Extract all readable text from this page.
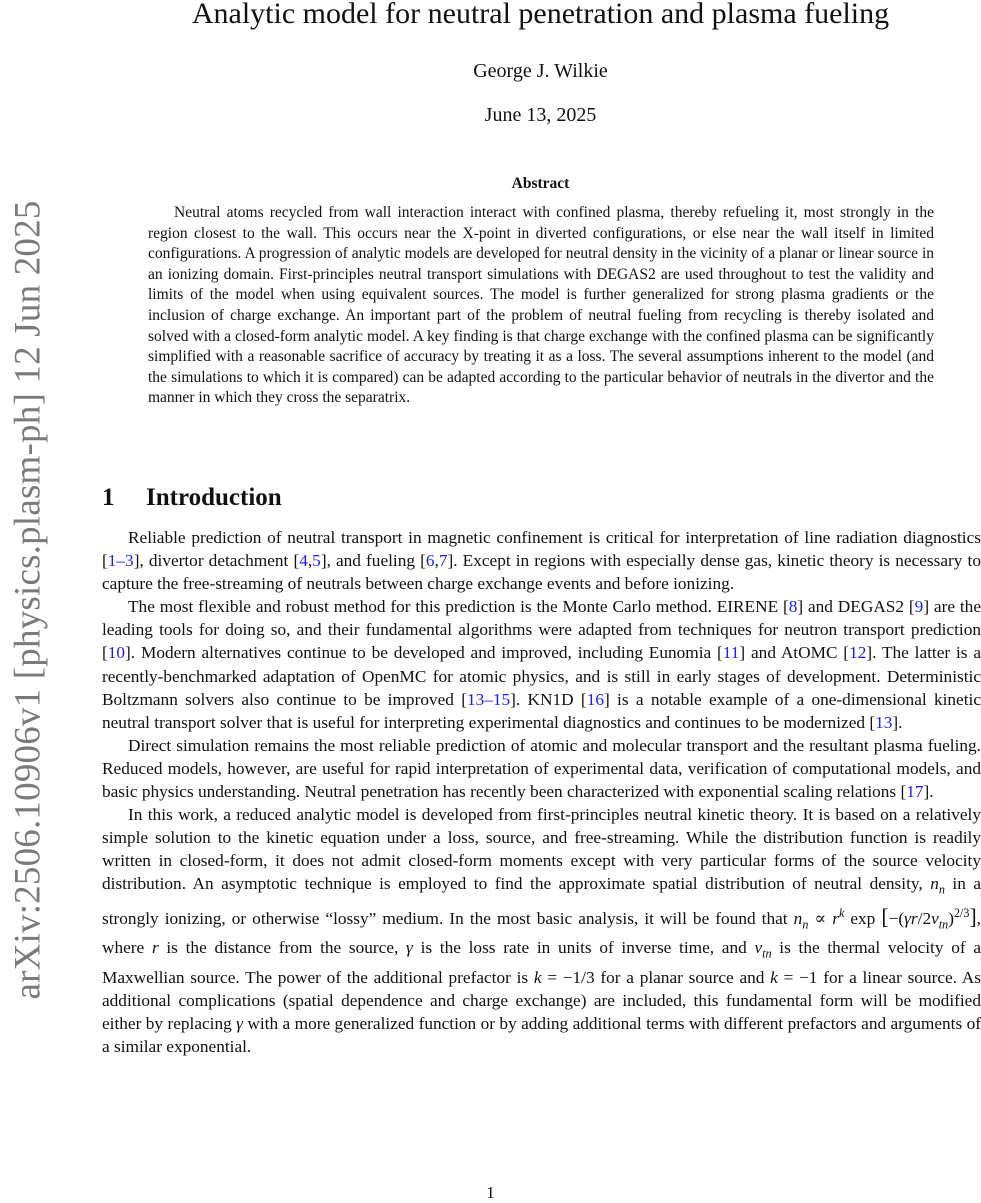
arXiv:2506.10906v1 [physics.plasm-ph] 12 Jun 2025
Analytic model for neutral penetration and plasma fueling
George J. Wilkie
June 13, 2025
Abstract

Neutral atoms recycled from wall interaction interact with confined plasma, thereby refueling it, most strongly in the region closest to the wall. This occurs near the X-point in diverted configurations, or else near the wall itself in limited configurations. A progression of analytic models are developed for neutral density in the vicinity of a planar or linear source in an ionizing domain. First-principles neutral transport simulations with DEGAS2 are used throughout to test the validity and limits of the model when using equivalent sources. The model is further generalized for strong plasma gradients or the inclusion of charge exchange. An important part of the problem of neutral fueling from recycling is thereby isolated and solved with a closed-form analytic model. A key finding is that charge exchange with the confined plasma can be significantly simplified with a reasonable sacrifice of accuracy by treating it as a loss. The several assumptions inherent to the model (and the simulations to which it is compared) can be adapted according to the particular behavior of neutrals in the divertor and the manner in which they cross the separatrix.

1 Introduction

Reliable prediction of neutral transport in magnetic confinement is critical for interpretation of line radiation diagnostics [1–3], divertor detachment [4,5], and fueling [6,7]. Except in regions with especially dense gas, kinetic theory is necessary to capture the free-streaming of neutrals between charge exchange events and before ionizing.

The most flexible and robust method for this prediction is the Monte Carlo method. EIRENE [8] and DEGAS2 [9] are the leading tools for doing so, and their fundamental algorithms were adapted from techniques for neutron transport prediction [10]. Modern alternatives continue to be developed and improved, including Eunomia [11] and AtOMC [12]. The latter is a recently-benchmarked adaptation of OpenMC for atomic physics, and is still in early stages of development. Deterministic Boltzmann solvers also continue to be improved [13–15]. KN1D [16] is a notable example of a one-dimensional kinetic neutral transport solver that is useful for interpreting experimental diagnostics and continues to be modernized [13].

Direct simulation remains the most reliable prediction of atomic and molecular transport and the resultant plasma fueling. Reduced models, however, are useful for rapid interpretation of experimental data, verification of computational models, and basic physics understanding. Neutral penetration has recently been characterized with exponential scaling relations [17].

In this work, a reduced analytic model is developed from first-principles neutral kinetic theory. It is based on a relatively simple solution to the kinetic equation under a loss, source, and free-streaming. While the distribution function is readily written in closed-form, it does not admit closed-form moments except with very particular forms of the source velocity distribution. An asymptotic technique is employed to find the approximate spatial distribution of neutral density, $n_n$ in a strongly ionizing, or otherwise “lossy” medium. In the most basic analysis, it will be found that $n_n \propto r^k$ $\exp [-(\gamma r/2v_{tn})^{2/3}]$, where r is the distance from the source, γ is the loss rate in units of inverse time, and $v_{tn}$ is the thermal velocity of a Maxwellian source. The power of the additional prefactor is k = −1/3 for a planar source and k = −1 for a linear source. As additional complications (spatial dependence and charge exchange) are included, this fundamental form will be modified either by replacing γ with a more generalized function or by adding additional terms with different prefactors and arguments of a similar exponential.

1
